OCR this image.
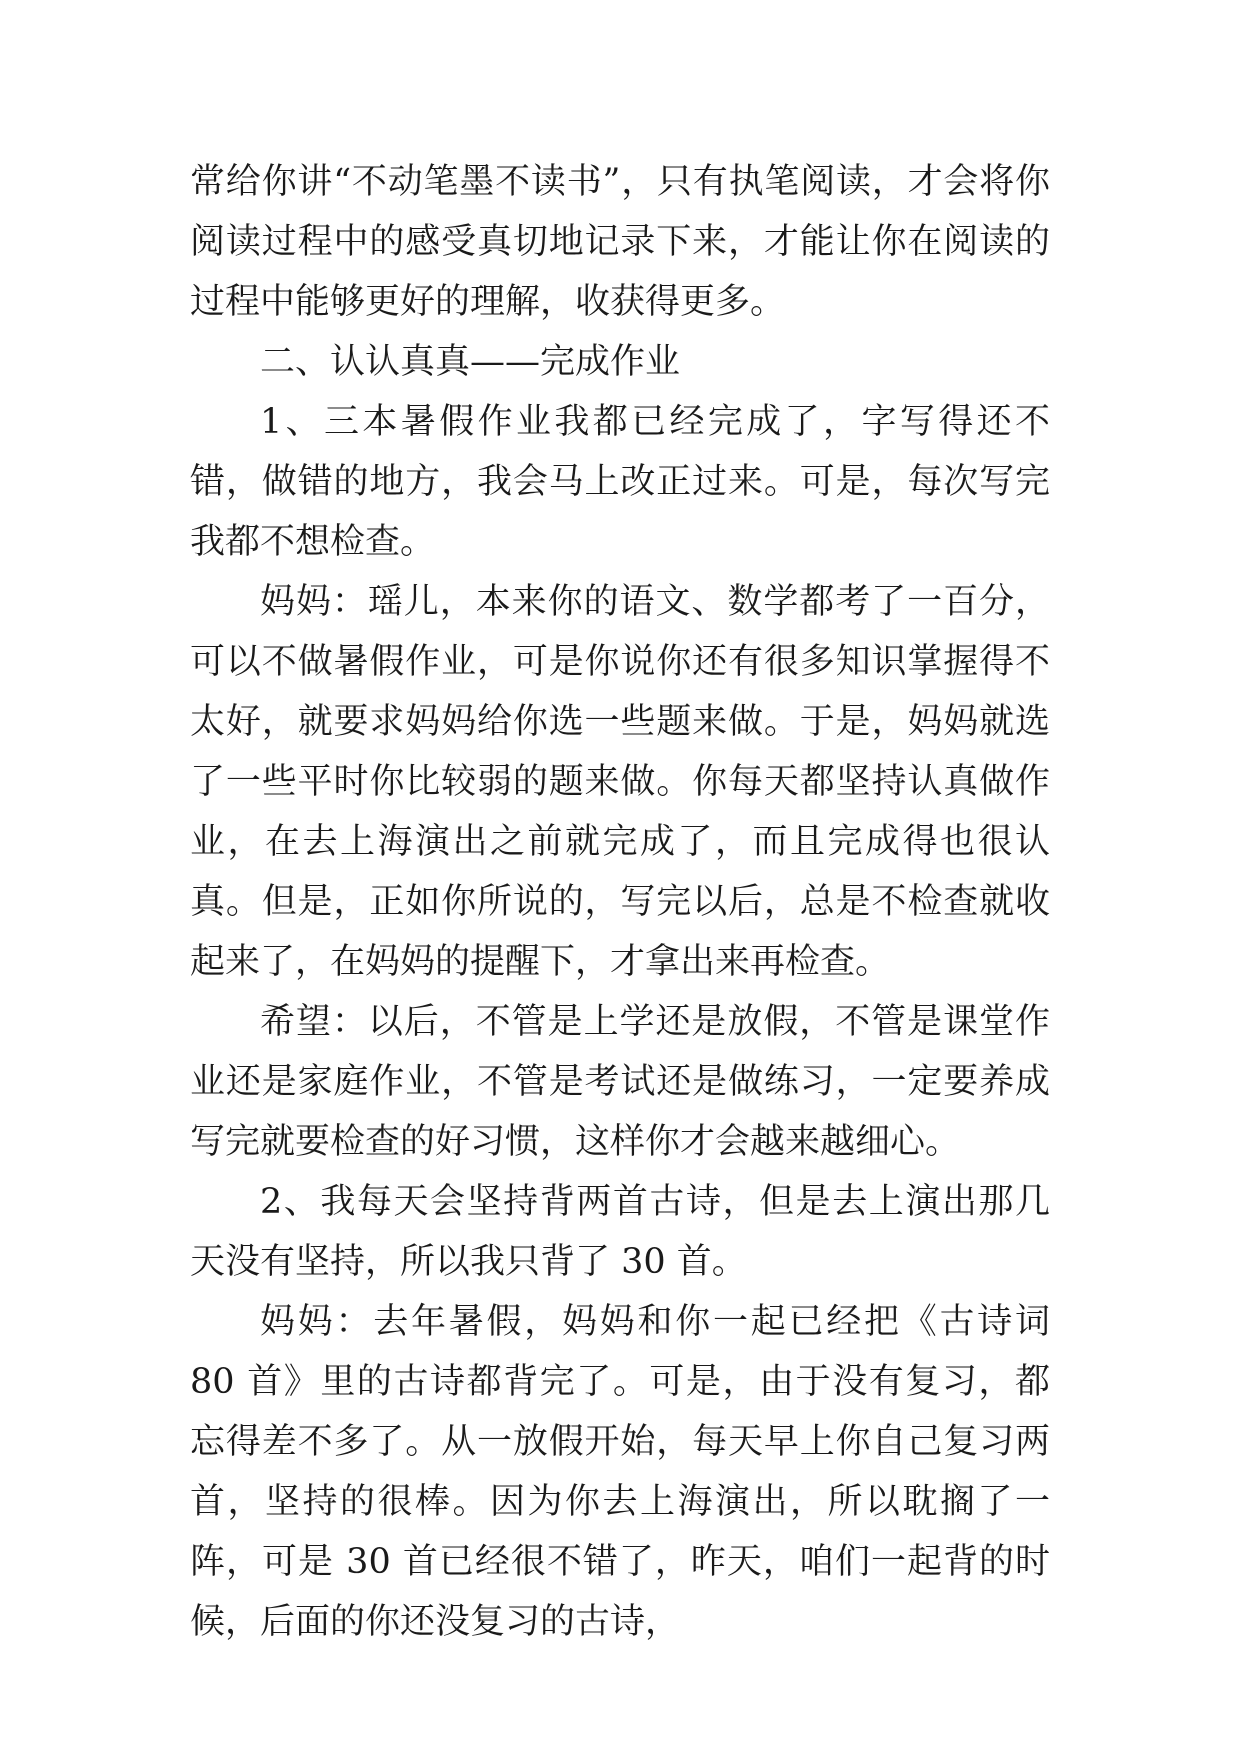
常给你讲“不动笔墨不读书”，只有执笔阅读，才会将你阅读过程中的感受真切地记录下来，才能让你在阅读的过程中能够更好的理解，收获得更多。

二、认认真真——完成作业

1、三本暑假作业我都已经完成了，字写得还不错，做错的地方，我会马上改正过来。可是，每次写完我都不想检查。

妈妈：瑶儿，本来你的语文、数学都考了一百分，可以不做暑假作业，可是你说你还有很多知识掌握得不太好，就要求妈妈给你选一些题来做。于是，妈妈就选了一些平时你比较弱的题来做。你每天都坚持认真做作业，在去上海演出之前就完成了，而且完成得也很认真。但是，正如你所说的，写完以后，总是不检查就收起来了，在妈妈的提醒下，才拿出来再检查。

希望：以后，不管是上学还是放假，不管是课堂作业还是家庭作业，不管是考试还是做练习，一定要养成写完就要检查的好习惯，这样你才会越来越细心。

2、我每天会坚持背两首古诗，但是去上演出那几天没有坚持，所以我只背了 30 首。

妈妈：去年暑假，妈妈和你一起已经把《古诗词 80 首》里的古诗都背完了。可是，由于没有复习，都忘得差不多了。从一放假开始，每天早上你自己复习两首，坚持的很棒。因为你去上海演出，所以耽搁了一阵，可是 30 首已经很不错了，昨天，咱们一起背的时候，后面的你还没复习的古诗，
